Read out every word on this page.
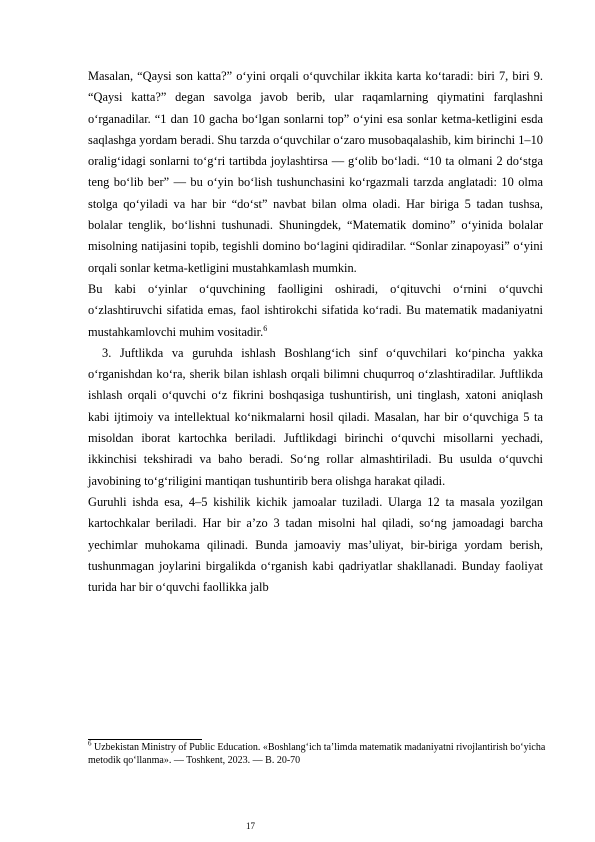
Masalan, “Qaysi son katta?” o‘yini orqali o‘quvchilar ikkita karta ko‘taradi: biri 7, biri 9. “Qaysi katta?” degan savolga javob berib, ular raqamlarning qiymatini farqlashni o‘rganadilar. “1 dan 10 gacha bo‘lgan sonlarni top” o‘yini esa sonlar ketma-ketligini esda saqlashga yordam beradi. Shu tarzda o‘quvchilar o‘zaro musobaqalashib, kim birinchi 1–10 oralig‘idagi sonlarni to‘g‘ri tartibda joylashtirsa — g‘olib bo‘ladi. “10 ta olmani 2 do‘stga teng bo‘lib ber” — bu o‘yin bo‘lish tushunchasini ko‘rgazmali tarzda anglatadi: 10 olma stolga qo‘yiladi va har bir “do‘st” navbat bilan olma oladi. Har biriga 5 tadan tushsa, bolalar tenglik, bo‘lishni tushunadi. Shuningdek, “Matematik domino” o‘yinida bolalar misolning natijasini topib, tegishli domino bo‘lagini qidiradilar. “Sonlar zinapoyasi” o‘yini orqali sonlar ketma-ketligini mustahkamlash mumkin.

Bu kabi o‘yinlar o‘quvchining faolligini oshiradi, o‘qituvchi o‘rnini o‘quvchi o‘zlashtiruvchi sifatida emas, faol ishtirokchi sifatida ko‘radi. Bu matematik madaniyatni mustahkamlovchi muhim vositadir.$^6$

3. Juftlikda va guruhda ishlash Boshlang‘ich sinf o‘quvchilari ko‘pincha yakka o‘rganishdan ko‘ra, sherik bilan ishlash orqali bilimni chuqurroq o‘zlashtiradilar. Juftlikda ishlash orqali o‘quvchi o‘z fikrini boshqasiga tushuntirish, uni tinglash, xatoni aniqlash kabi ijtimoiy va intellektual ko‘nikmalarni hosil qiladi. Masalan, har bir o‘quvchiga 5 ta misoldan iborat kartochka beriladi. Juftlikdagi birinchi o‘quvchi misollarni yechadi, ikkinchisi tekshiradi va baho beradi. So‘ng rollar almashtiriladi. Bu usulda o‘quvchi javobining to‘g‘riligini mantiqan tushuntirib bera olishga harakat qiladi.

Guruhli ishda esa, 4–5 kishilik kichik jamoalar tuziladi. Ularga 12 ta masala yozilgan kartochkalar beriladi. Har bir a’zo 3 tadan misolni hal qiladi, so‘ng jamoadagi barcha yechimlar muhokama qilinadi. Bunda jamoaviy mas’uliyat, bir-biriga yordam berish, tushunmagan joylarini birgalikda o‘rganish kabi qadriyatlar shakllanadi. Bunday faoliyat turida har bir o‘quvchi faollikka jalb

$^6$ Uzbekistan Ministry of Public Education. «Boshlang‘ich ta’limda matematik madaniyatni rivojlantirish bo‘yicha metodik qo‘llanma». — Toshkent, 2023. — B. 20-70
17
